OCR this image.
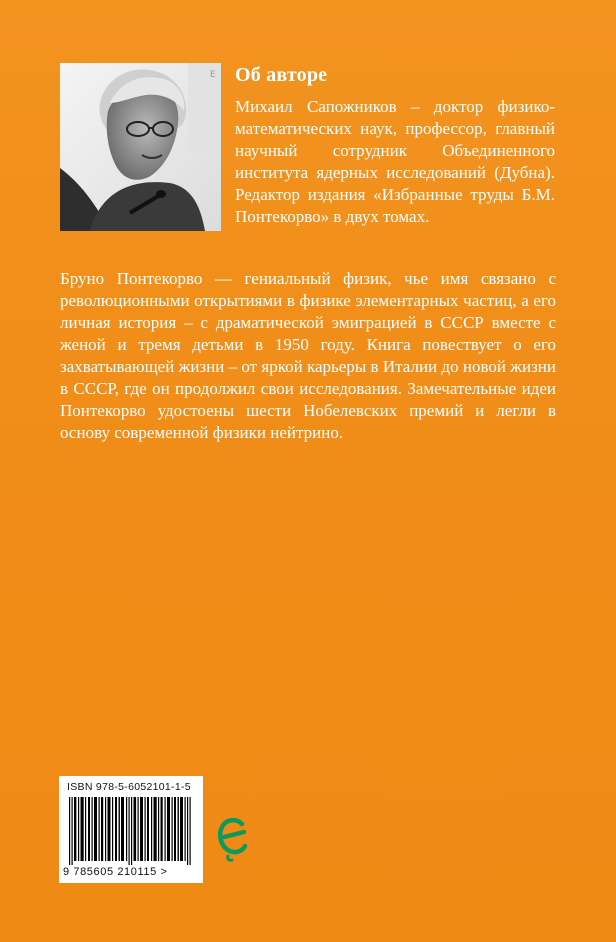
E Об авторе
Михаил Сапожников – доктор физико-математических наук, профессор, главный научный сотрудник Объединенного института ядерных исследований (Дубна). Редактор издания «Избранные труды Б.М. Понтекорво» в двух томах.
Бруно Понтекорво — гениальный физик, чье имя связано с революционными открытиями в физике элементарных частиц, а его личная история – с драматической эмиграцией в СССР вместе с женой и тремя детьми в 1950 году. Книга повествует о его захватывающей жизни – от яркой карьеры в Италии до новой жизни в СССР, где он продолжил свои исследования. Замечательные идеи Понтекорво удостоены шести Нобелевских премий и легли в основу современной физики нейтрино.
ISBN 978-5-6052101-1-5
9 785605 210115 >
